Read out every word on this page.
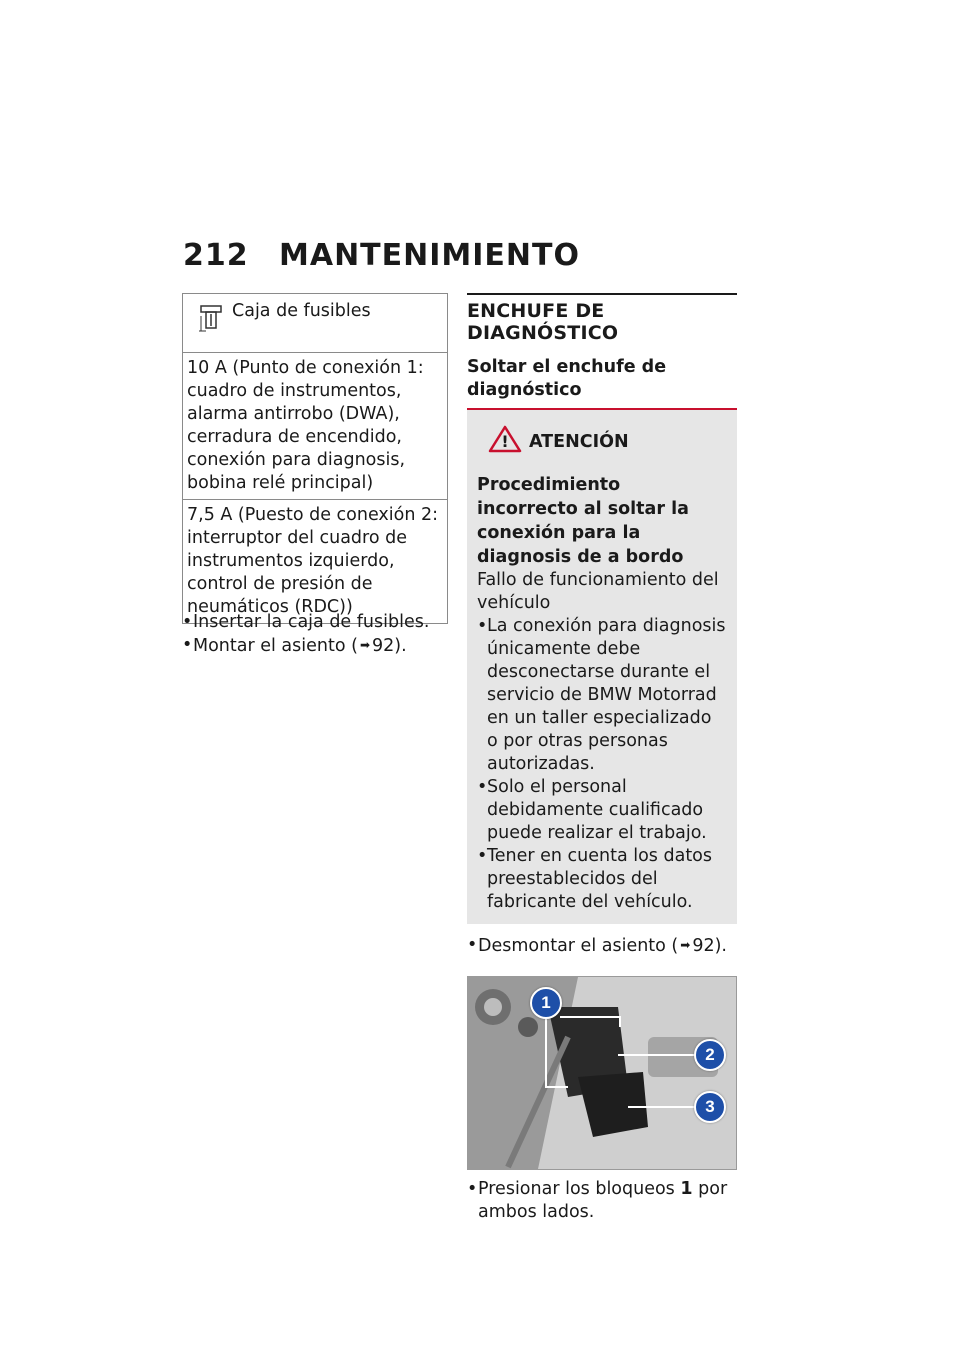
212 MANTENIMIENTO
Caja de fusibles

10 A (Punto de conexión 1: cuadro de instrumentos, alarma antirrobo (DWA), cerradura de encendido, conexión para diagnosis, bobina relé principal)
7,5 A (Puesto de conexión 2: interruptor del cuadro de instrumentos izquierdo, control de presión de neumáticos (RDC))
• Insertar la caja de fusibles.
• Montar el asiento ( ➡ 92).
ENCHUFE DE DIAGNÓSTICO
Soltar el enchufe de diagnóstico
! ATENCIÓN
Procedimiento incorrecto al soltar la conexión para la diagnosis de a bordo
Fallo de funcionamiento del vehículo
• La conexión para diagnosis únicamente debe desconectarse durante el servicio de BMW Motorrad en un taller especializado o por otras personas autorizadas.
• Solo el personal debidamente cualificado puede realizar el trabajo.
• Tener en cuenta los datos preestablecidos del fabricante del vehículo.
• Desmontar el asiento ( ➡ 92).
1
2
3
• Presionar los bloqueos 1 por ambos lados.
